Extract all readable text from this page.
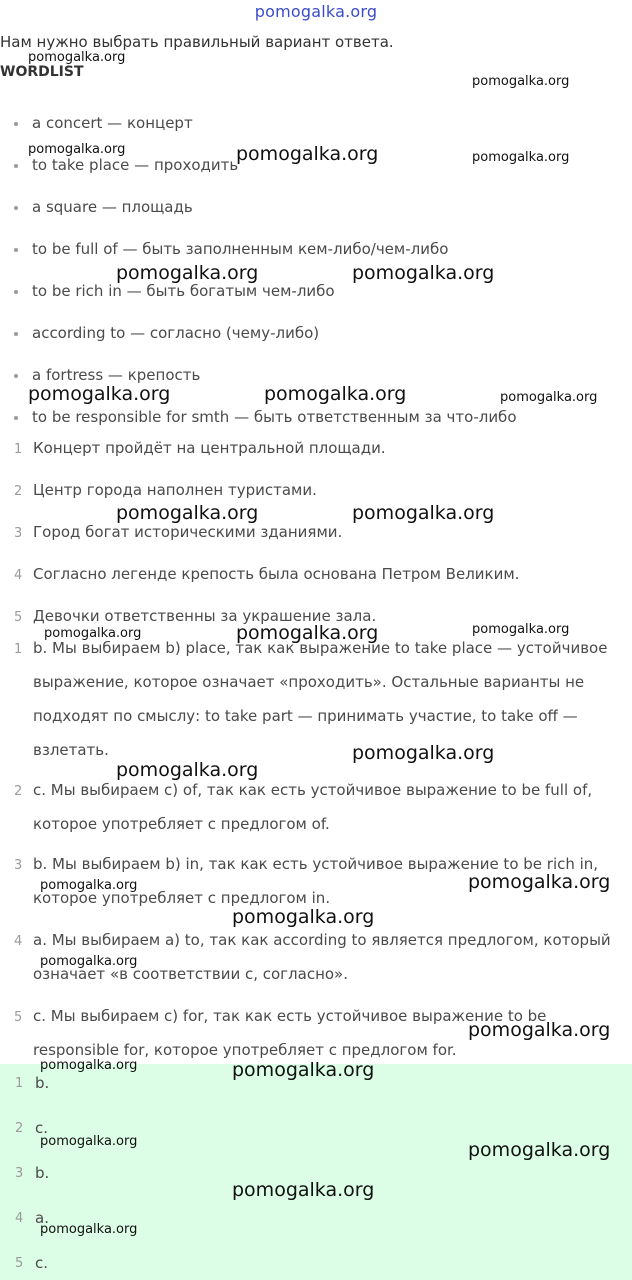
pomogalka.org
Нам нужно выбрать правильный вариант ответа.
WORDLIST
a concert — концерт
to take place — проходить
a square — площадь
to be full of — быть заполненным кем-либо/чем-либо
to be rich in — быть богатым чем-либо
according to — согласно (чему-либо)
a fortress — крепость
to be responsible for smth — быть ответственным за что-либо
1 Концерт пройдёт на центральной площади.
2 Центр города наполнен туристами.
3 Город богат историческими зданиями.
4 Согласно легенде крепость была основана Петром Великим.
5 Девочки ответственны за украшение зала.
1 b. Мы выбираем b) place, так как выражение to take place — устойчивое выражение, которое означает «проходить». Остальные варианты не подходят по смыслу: to take part — принимать участие, to take off — взлетать.
2 c. Мы выбираем c) of, так как есть устойчивое выражение to be full of, которое употребляет с предлогом of.
3 b. Мы выбираем b) in, так как есть устойчивое выражение to be rich in, которое употребляет с предлогом in.
4 a. Мы выбираем a) to, так как according to является предлогом, который означает «в соответствии с, согласно».
5 c. Мы выбираем c) for, так как есть устойчивое выражение to be responsible for, которое употребляет с предлогом for.
1 b.
2 c.
3 b.
4 a.
5 c.
pomogalka.org
pomogalka.org
pomogalka.org	pomogalka.org	pomogalka.org
pomogalka.org	pomogalka.org
pomogalka.org	pomogalka.org	pomogalka.org
pomogalka.org	pomogalka.org
pomogalka.org	pomogalka.org	pomogalka.org
pomogalka.org
pomogalka.org
pomogalka.org
pomogalka.org
pomogalka.org
pomogalka.org
pomogalka.org
pomogalka.org	pomogalka.org
pomogalka.org	pomogalka.org
pomogalka.org
pomogalka.org
